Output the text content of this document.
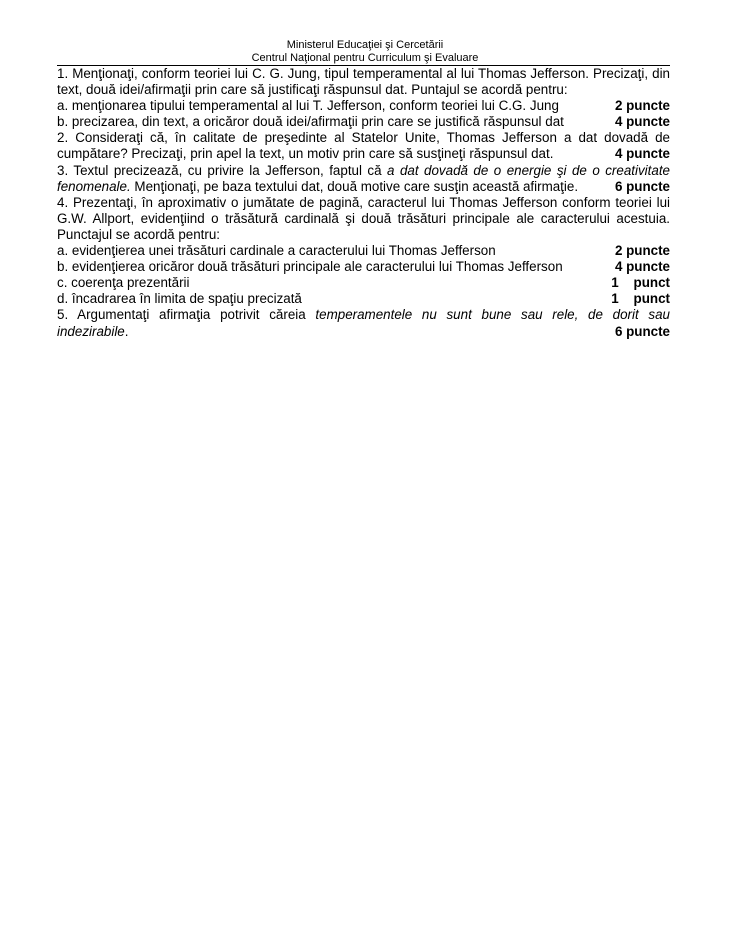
Ministerul Educaţiei şi Cercetării
Centrul Naţional pentru Curriculum şi Evaluare

1. Menţionaţi, conform teoriei lui C. G. Jung, tipul temperamental al lui Thomas Jefferson. Precizaţi, din text, două idei/afirmaţii prin care să justificaţi răspunsul dat. Puntajul se acordă pentru:

a. menţionarea tipului temperamental al lui T. Jefferson, conform teoriei lui C.G. Jung	2 puncte
b. precizarea, din text, a oricăror două idei/afirmaţii prin care se justifică răspunsul dat	4 puncte

2. Consideraţi că, în calitate de preşedinte al Statelor Unite, Thomas Jefferson a dat dovadă de

cumpătare? Precizaţi, prin apel la text, un motiv prin care să susţineţi răspunsul dat.	4 puncte

3. Textul precizează, cu privire la Jefferson, faptul că a dat dovadă de o energie şi de o creativitate

fenomenale. Menţionaţi, pe baza textului dat, două motive care susţin această afirmaţie.	6 puncte

4. Prezentaţi, în aproximativ o jumătate de pagină, caracterul lui Thomas Jefferson conform teoriei lui G.W. Allport, evidenţiind o trăsătură cardinală şi două trăsături principale ale caracterului acestuia. Punctajul se acordă pentru:

a. evidenţierea unei trăsături cardinale a caracterului lui Thomas Jefferson	2 puncte
b. evidenţierea oricăror două trăsături principale ale caracterului lui Thomas Jefferson	4 puncte
c. coerenţa prezentării	1    punct
d. încadrarea în limita de spaţiu precizată	1    punct

5. Argumentaţi afirmaţia potrivit căreia temperamentele nu sunt bune sau rele, de dorit sau

indezirabile.	6 puncte
